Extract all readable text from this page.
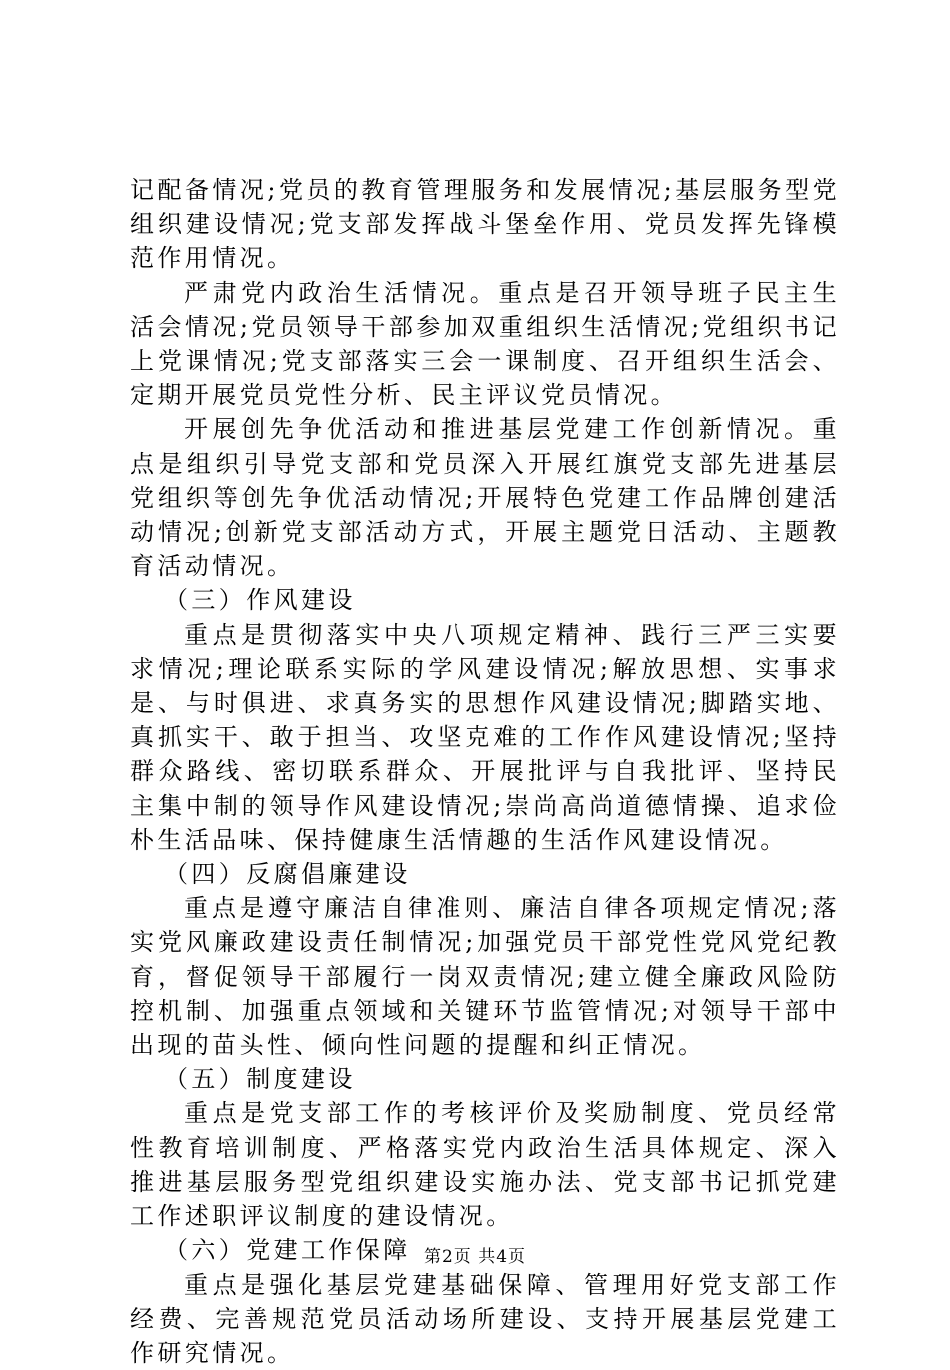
记配备情况;党员的教育管理服务和发展情况;基层服务型党组织建设情况;党支部发挥战斗堡垒作用、党员发挥先锋模范作用情况。

严肃党内政治生活情况。重点是召开领导班子民主生活会情况;党员领导干部参加双重组织生活情况;党组织书记上党课情况;党支部落实三会一课制度、召开组织生活会、定期开展党员党性分析、民主评议党员情况。

开展创先争优活动和推进基层党建工作创新情况。重点是组织引导党支部和党员深入开展红旗党支部先进基层党组织等创先争优活动情况;开展特色党建工作品牌创建活动情况;创新党支部活动方式，开展主题党日活动、主题教育活动情况。

（三）作风建设

重点是贯彻落实中央八项规定精神、践行三严三实要求情况;理论联系实际的学风建设情况;解放思想、实事求是、与时俱进、求真务实的思想作风建设情况;脚踏实地、真抓实干、敢于担当、攻坚克难的工作作风建设情况;坚持群众路线、密切联系群众、开展批评与自我批评、坚持民主集中制的领导作风建设情况;崇尚高尚道德情操、追求俭朴生活品味、保持健康生活情趣的生活作风建设情况。

（四）反腐倡廉建设

重点是遵守廉洁自律准则、廉洁自律各项规定情况;落实党风廉政建设责任制情况;加强党员干部党性党风党纪教育，督促领导干部履行一岗双责情况;建立健全廉政风险防控机制、加强重点领域和关键环节监管情况;对领导干部中出现的苗头性、倾向性问题的提醒和纠正情况。

（五）制度建设

重点是党支部工作的考核评价及奖励制度、党员经常性教育培训制度、严格落实党内政治生活具体规定、深入推进基层服务型党组织建设实施办法、党支部书记抓党建工作述职评议制度的建设情况。

（六）党建工作保障

重点是强化基层党建基础保障、管理用好党支部工作经费、完善规范党员活动场所建设、支持开展基层党建工作研究情况。

第2页 共4页
